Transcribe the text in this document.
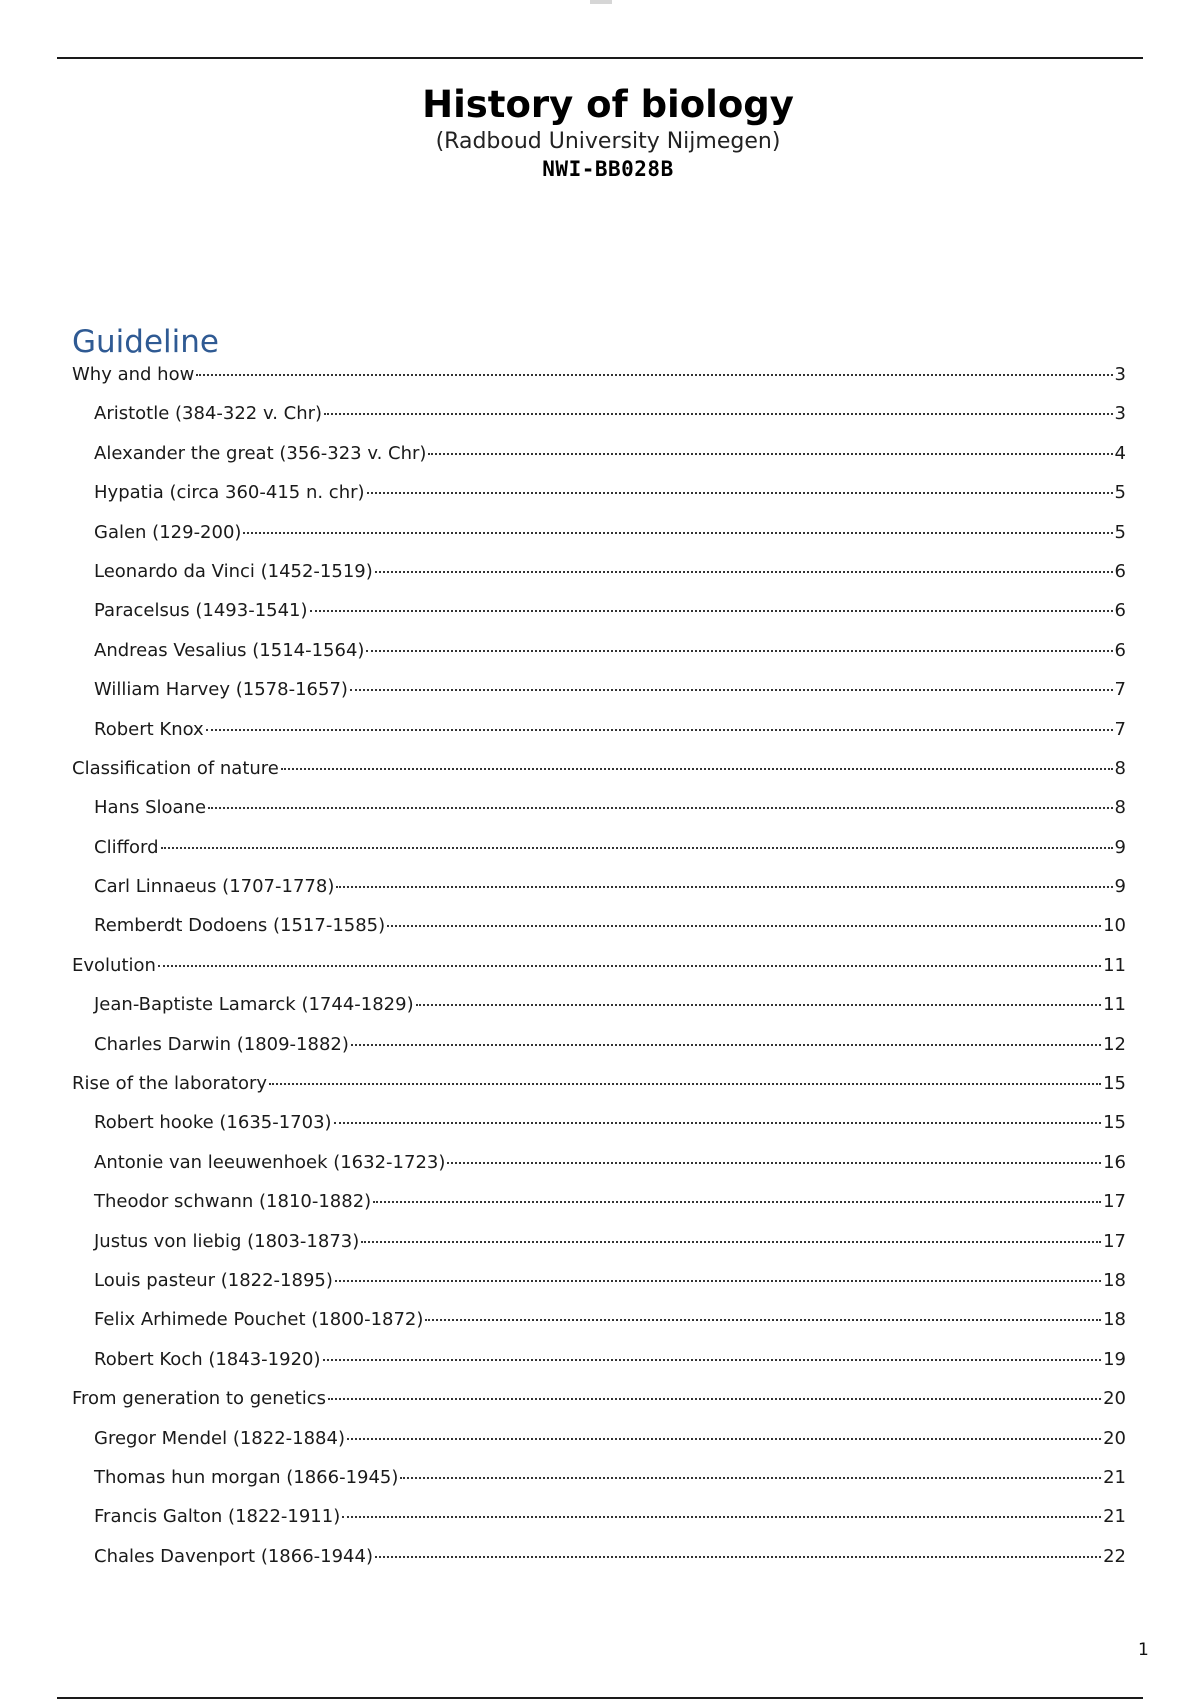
History of biology

(Radboud University Nijmegen)

NWI-BB028B

Guideline
Why and how	3
Aristotle (384-322 v. Chr)	3
Alexander the great (356-323 v. Chr)	4
Hypatia (circa 360-415 n. chr)	5
Galen (129-200)	5
Leonardo da Vinci (1452-1519)	6
Paracelsus (1493-1541)	6
Andreas Vesalius (1514-1564)	6
William Harvey (1578-1657)	7
Robert Knox	7
Classification of nature	8
Hans Sloane	8
Clifford	9
Carl Linnaeus (1707-1778)	9
Remberdt Dodoens (1517-1585)	10
Evolution	11
Jean-Baptiste Lamarck (1744-1829)	11
Charles Darwin (1809-1882)	12
Rise of the laboratory	15
Robert hooke (1635-1703)	15
Antonie van leeuwenhoek (1632-1723)	16
Theodor schwann (1810-1882)	17
Justus von liebig (1803-1873)	17
Louis pasteur (1822-1895)	18
Felix Arhimede Pouchet (1800-1872)	18
Robert Koch (1843-1920)	19
From generation to genetics	20
Gregor Mendel (1822-1884)	20
Thomas hun morgan (1866-1945)	21
Francis Galton (1822-1911)	21
Chales Davenport (1866-1944)	22
1
